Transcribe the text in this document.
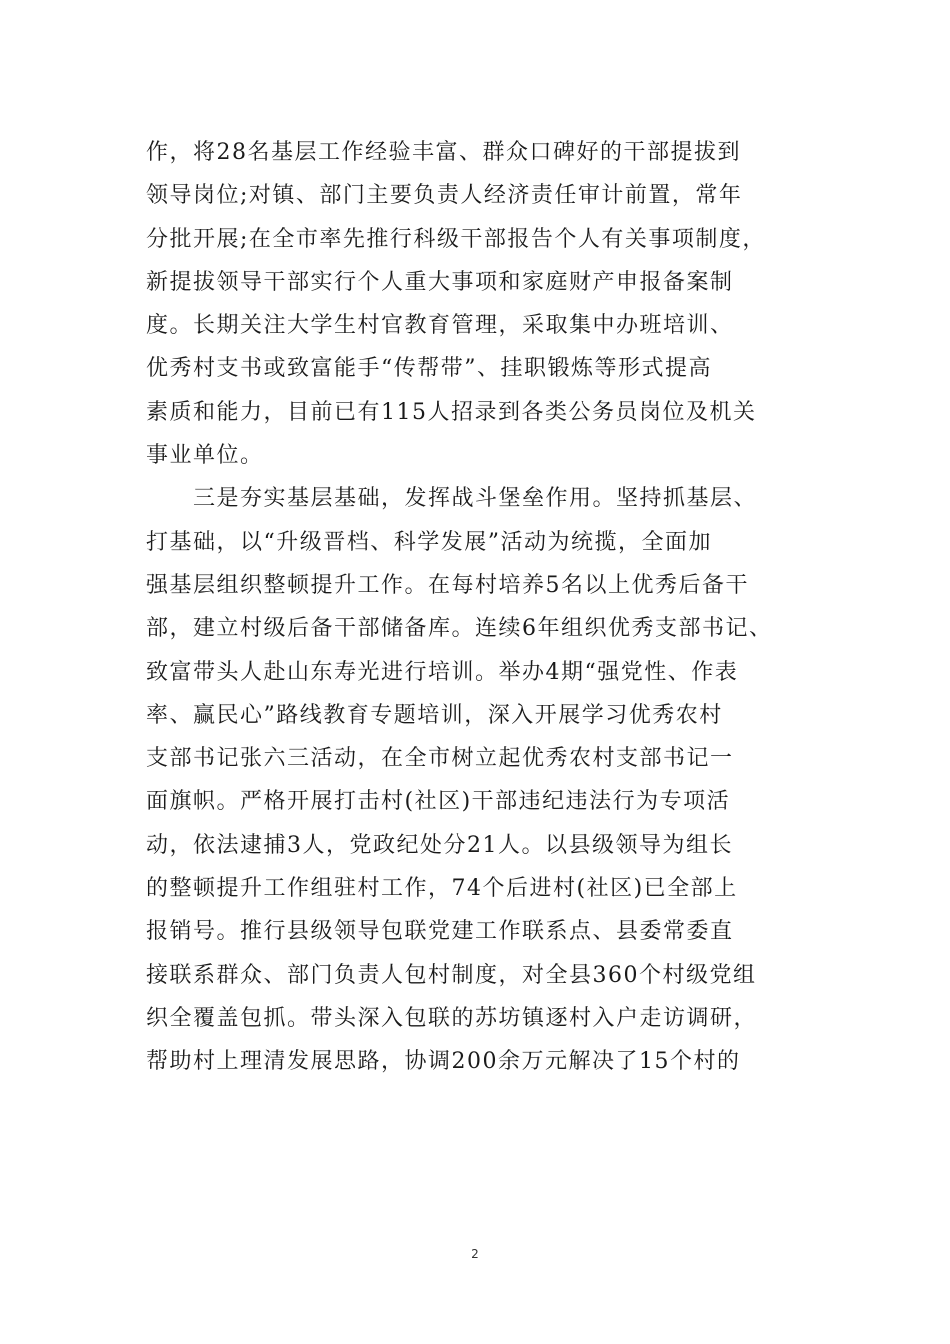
作，将28名基层工作经验丰富、群众口碑好的干部提拔到
领导岗位;对镇、部门主要负责人经济责任审计前置，常年
分批开展;在全市率先推行科级干部报告个人有关事项制度，
新提拔领导干部实行个人重大事项和家庭财产申报备案制
度。长期关注大学生村官教育管理，采取集中办班培训、
优秀村支书或致富能手“传帮带”、挂职锻炼等形式提高
素质和能力，目前已有115人招录到各类公务员岗位及机关
事业单位。
　　三是夯实基层基础，发挥战斗堡垒作用。坚持抓基层、
打基础，以“升级晋档、科学发展”活动为统揽，全面加
强基层组织整顿提升工作。在每村培养5名以上优秀后备干
部，建立村级后备干部储备库。连续6年组织优秀支部书记、
致富带头人赴山东寿光进行培训。举办4期“强党性、作表
率、赢民心”路线教育专题培训，深入开展学习优秀农村
支部书记张六三活动，在全市树立起优秀农村支部书记一
面旗帜。严格开展打击村(社区)干部违纪违法行为专项活
动，依法逮捕3人，党政纪处分21人。以县级领导为组长
的整顿提升工作组驻村工作，74个后进村(社区)已全部上
报销号。推行县级领导包联党建工作联系点、县委常委直
接联系群众、部门负责人包村制度，对全县360个村级党组
织全覆盖包抓。带头深入包联的苏坊镇逐村入户走访调研，
帮助村上理清发展思路，协调200余万元解决了15个村的
2
